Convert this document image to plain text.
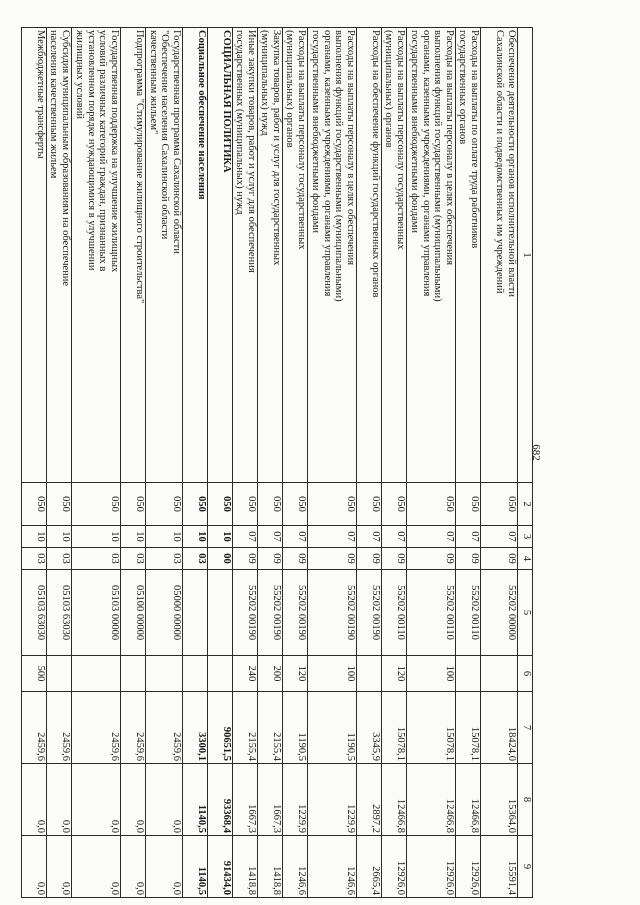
682
1	2	3	4	5	6	7	8	9
Обеспечение деятельности органов исполнительной власти
Сахалинской области и подведомственных им учреждений	050	07	09	55202 00000		18424,0	15364,0	15591,4
Расходы на выплаты по оплате труда работников
государственных органов	050	07	09	55202 00110		15078,1	12466,8	12926,0
Расходы на выплаты персоналу в целях обеспечения
выполнения функций государственными (муниципальными)
органами, казенными учреждениями, органами управления
государственными внебюджетными фондами	050	07	09	55202 00110	100	15078,1	12466,8	12926,0
Расходы на выплаты персоналу государственных
(муниципальных) органов	050	07	09	55202 00110	120	15078,1	12466,8	12926,0
Расходы на обеспечение функций государственных органов	050	07	09	55202 00190		3345,9	2897,2	2665,4
Расходы на выплаты персоналу в целях обеспечения
выполнения функций государственными (муниципальными)
органами, казенными учреждениями, органами управления
государственными внебюджетными фондами	050	07	09	55202 00190	100	1190,5	1229,9	1246,6
Расходы на выплаты персоналу государственных
(муниципальных) органов	050	07	09	55202 00190	120	1190,5	1229,9	1246,6
Закупка товаров, работ и услуг для государственных
(муниципальных) нужд	050	07	09	55202 00190	200	2155,4	1667,3	1418,8
Иные закупки товаров, работ и услуг для обеспечения
государственных (муниципальных) нужд	050	07	09	55202 00190	240	2155,4	1667,3	1418,8
СОЦИАЛЬНАЯ ПОЛИТИКА	050	10	00			90651,5	93368,4	91434,0
Социальное обеспечение населения	050	10	03			3300,1	1140,5	1140,5
Государственная программа Сахалинской области
"Обеспечение населения Сахалинской области
качественным жильем"	050	10	03	05000 00000		2459,6	0,0	0,0
Подпрограмма "Стимулирование жилищного строительства"	050	10	03	05100 00000		2459,6	0,0	0,0
Государственная поддержка на улучшение жилищных
условий различных категорий граждан, признанных в
установленном порядке нуждающимися в улучшении
жилищных условий	050	10	03	05103 00000		2459,6	0,0	0,0
Субсидия муниципальным образованиям на обеспечение
населения качественным жильем	050	10	03	05103 63030		2459,6	0,0	0,0
Межбюджетные трансферты	050	10	03	05103 63030	500	2459,6	0,0	0,0
